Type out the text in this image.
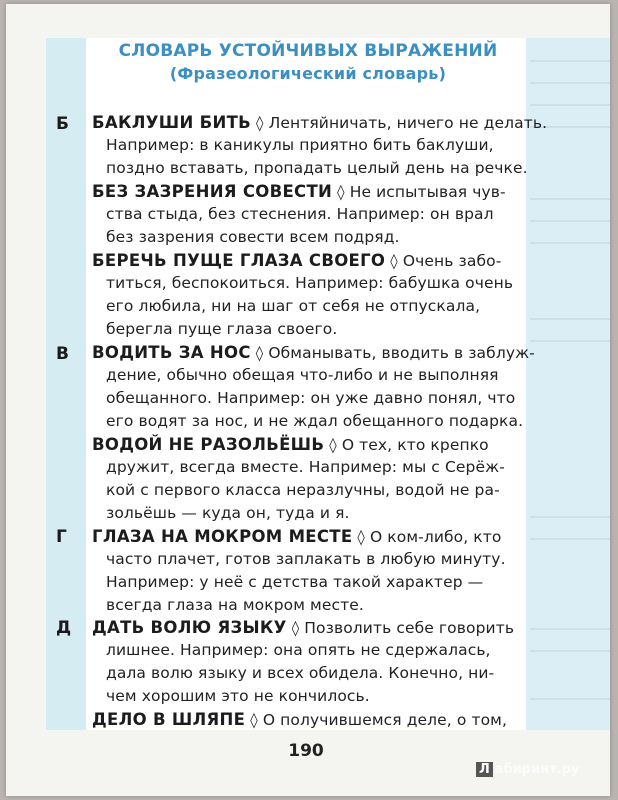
СЛОВАРЬ УСТОЙЧИВЫХ ВЫРАЖЕНИЙ
(Фразеологический словарь)
Б
В
Г
Д
БАКЛУШИ БИТЬ ◊ Лентяйничать, ничего не делать.
Например: в каникулы приятно бить баклуши,
поздно вставать, пропадать целый день на речке.
БЕЗ ЗАЗРЕНИЯ СОВЕСТИ ◊ Не испытывая чув-
ства стыда, без стеснения. Например: он врал
без зазрения совести всем подряд.
БЕРЕЧЬ ПУЩЕ ГЛАЗА СВОЕГО ◊ Очень забо-
титься, беспокоиться. Например: бабушка очень
его любила, ни на шаг от себя не отпускала,
берегла пуще глаза своего.
ВОДИТЬ ЗА НОС ◊ Обманывать, вводить в заблуж-
дение, обычно обещая что-либо и не выполняя
обещанного. Например: он уже давно понял, что
его водят за нос, и не ждал обещанного подарка.
ВОДОЙ НЕ РАЗОЛЬЁШЬ ◊ О тех, кто крепко
дружит, всегда вместе. Например: мы с Серёж-
кой с первого класса неразлучны, водой не ра-
зольёшь — куда он, туда и я.
ГЛАЗА НА МОКРОМ МЕСТЕ ◊ О ком-либо, кто
часто плачет, готов заплакать в любую минуту.
Например: у неё с детства такой характер —
всегда глаза на мокром месте.
ДАТЬ ВОЛЮ ЯЗЫКУ ◊ Позволить себе говорить
лишнее. Например: она опять не сдержалась,
дала волю языку и всех обидела. Конечно, ни-
чем хорошим это не кончилось.
ДЕЛО В ШЛЯПЕ ◊ О получившемся деле, о том,
190
Л абиринт.ру
